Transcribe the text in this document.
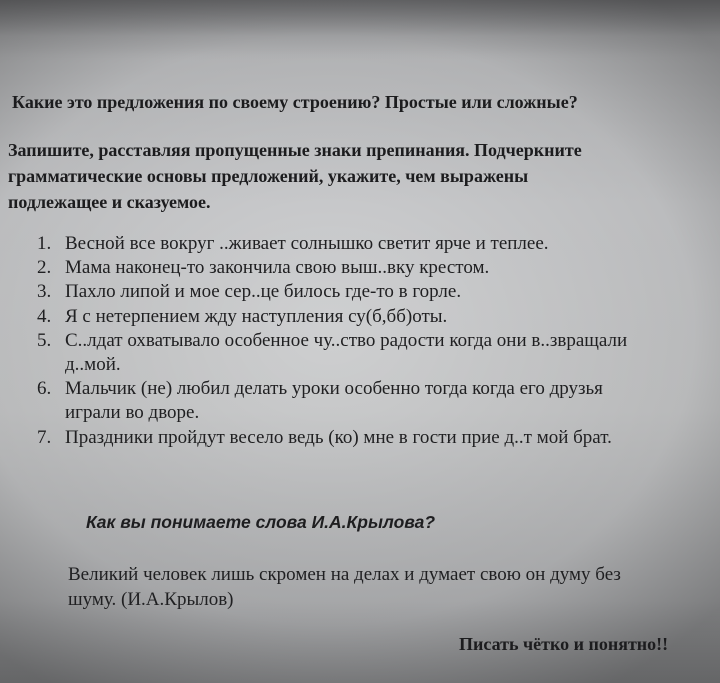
Какие это предложения по своему строению? Простые или сложные?
Запишите, расставляя пропущенные знаки препинания. Подчеркните
грамматические основы предложений, укажите, чем выражены
подлежащее и сказуемое.
1. Весной все вокруг ..живает солнышко светит ярче и теплее.
2. Мама наконец-то закончила свою выш..вку крестом.
3. Пахло липой и мое сер..це билось где-то в горле.
4. Я с нетерпением жду наступления су(б,бб)оты.
5. С..лдат охватывало особенное чу..ство радости когда они в..звращали
д..мой.
6. Мальчик (не) любил делать уроки особенно тогда когда его друзья
играли во дворе.
7. Праздники пройдут весело ведь (ко) мне в гости прие д..т мой брат.
Как вы понимаете слова И.А.Крылова?
Великий человек лишь скромен на делах и думает свою он думу без
шуму. (И.А.Крылов)
Писать чётко и понятно!!
